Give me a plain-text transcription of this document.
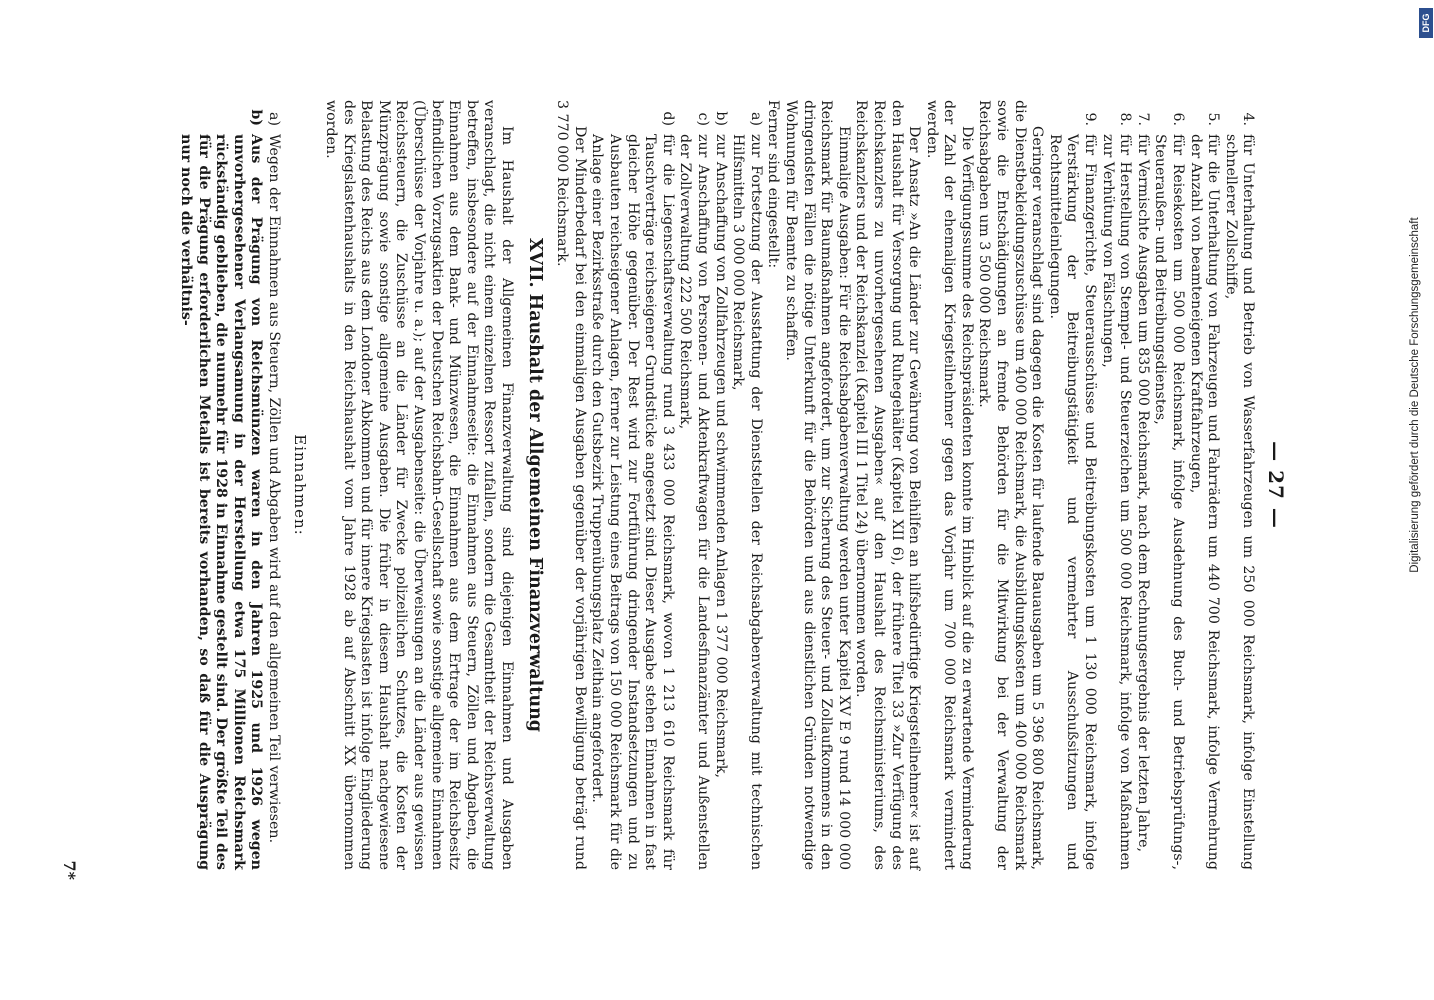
— 27 —
4.
für Unterhaltung und Betrieb von Wasserfahrzeugen um 250 000 Reichsmark, infolge Einstellung schnellerer Zollschiffe,
5.
für die Unterhaltung von Fahrzeugen und Fahrrädern um 440 700 Reichsmark, infolge Vermehrung der Anzahl von beamteneigenen Kraftfahrzeugen,
6.
für Reisekosten um 500 000 Reichsmark, infolge Ausdehnung des Buch- und Betriebsprüfungs-, Steueraußen- und Beitreibungsdienstes,
7.
für Vermischte Ausgaben um 835 000 Reichsmark, nach dem Rechnungsergebnis der letzten Jahre,
8.
für Herstellung von Stempel- und Steuerzeichen um 500 000 Reichsmark, infolge von Maßnahmen zur Verhütung von Fälschungen,
9.
für Finanzgerichte, Steuerausschüsse und Beitreibungskosten um 1 130 000 Reichsmark, infolge Verstärkung der Beitreibungstätigkeit und vermehrter Ausschußsitzungen und Rechtsmitteleinlegungen.

Geringer veranschlagt sind dagegen die Kosten für laufende Bauausgaben um 5 396 800 Reichsmark, die Dienstbekleidungszuschüsse um 400 000 Reichsmark, die Ausbildungskosten um 400 000 Reichsmark sowie die Entschädigungen an fremde Behörden für die Mitwirkung bei der Verwaltung der Reichsabgaben um 3 500 000 Reichsmark.

Die Verfügungssumme des Reichspräsidenten konnte im Hinblick auf die zu erwartende Verminderung der Zahl der ehemaligen Kriegsteilnehmer gegen das Vorjahr um 700 000 Reichsmark vermindert werden.

Der Ansatz »An die Länder zur Gewährung von Beihilfen an hilfsbedürftige Kriegsteilnehmer« ist auf den Haushalt für Versorgung und Ruhegehälter (Kapitel XII 6), der frühere Titel 33 »Zur Verfügung des Reichskanzlers zu unvorhergesehenen Ausgaben« auf den Haushalt des Reichsministeriums, des Reichskanzlers und der Reichskanzlei (Kapitel III 1 Titel 24) übernommen worden.

Einmalige Ausgaben: Für die Reichsabgabenverwaltung werden unter Kapitel XV E 9 rund 14 000 000 Reichsmark für Baumaßnahmen angefordert, um zur Sicherung des Steuer- und Zollaufkommens in den dringendsten Fällen die nötige Unterkunft für die Behörden und aus dienstlichen Gründen notwendige Wohnungen für Beamte zu schaffen.

Ferner sind eingestellt:

a)
zur Fortsetzung der Ausstattung der Dienststellen der Reichsabgabenverwaltung mit technischen Hilfsmitteln 3 000 000 Reichsmark,
b)
zur Anschaffung von Zollfahrzeugen und schwimmenden Anlagen 1 377 000 Reichsmark,
c)
zur Anschaffung von Personen- und Aktenkraftwagen für die Landesfinanzämter und Außenstellen der Zollverwaltung 222 500 Reichsmark,
d)
für die Liegenschaftsverwaltung rund 3 433 000 Reichsmark, wovon 1 213 610 Reichsmark für Tauschverträge reichseigener Grundstücke angesetzt sind. Dieser Ausgabe stehen Einnahmen in fast gleicher Höhe gegenüber. Der Rest wird zur Fortführung dringender Instandsetzungen und zu Ausbauten reichseigener Anlagen, ferner zur Leistung eines Beitrags von 150 000 Reichsmark für die Anlage einer Bezirksstraße durch den Gutsbezirk Truppenübungsplatz Zeithain angefordert.

Der Minderbedarf bei den einmaligen Ausgaben gegenüber der vorjährigen Bewilligung beträgt rund 3 770 000 Reichsmark.

XVII. Haushalt der Allgemeinen Finanzverwaltung

Im Haushalt der Allgemeinen Finanzverwaltung sind diejenigen Einnahmen und Ausgaben veranschlagt, die nicht einem einzelnen Ressort zufallen, sondern die Gesamtheit der Reichsverwaltung betreffen, insbesondere auf der Einnahmeseite: die Einnahmen aus Steuern, Zöllen und Abgaben, die Einnahmen aus dem Bank- und Münzwesen, die Einnahmen aus dem Ertrage der im Reichsbesitz befindlichen Vorzugsaktien der Deutschen Reichsbahn-Gesellschaft sowie sonstige allgemeine Einnahmen (Überschüsse der Vorjahre u. a.); auf der Ausgabenseite: die Überweisungen an die Länder aus gewissen Reichssteuern, die Zuschüsse an die Länder für Zwecke polizeilichen Schutzes, die Kosten der Münzprägung sowie sonstige allgemeine Ausgaben. Die früher in diesem Haushalt nachgewiesene Belastung des Reichs aus dem Londoner Abkommen und für innere Kriegslasten ist infolge Eingliederung des Kriegslastenhaushalts in den Reichshaushalt vom Jahre 1928 ab auf Abschnitt XX übernommen worden.

Einnahmen:
a)
Wegen der Einnahmen aus Steuern, Zöllen und Abgaben wird auf den allgemeinen Teil verwiesen.
b)
Aus der Prägung von Reichsmünzen waren in den Jahren 1925 und 1926 wegen unvorhergesehener Verlangsamung in der Herstellung etwa 175 Millionen Reichsmark rückständig geblieben, die nunmehr für 1928 in Einnahme gestellt sind. Der größte Teil des für die Prägung erforderlichen Metalls ist bereits vorhanden, so daß für die Ausprägung nur noch die verhältnis-
7*
Digitalisierung gefördert durch die Deutsche Forschungsgemeinschaft
DFG
